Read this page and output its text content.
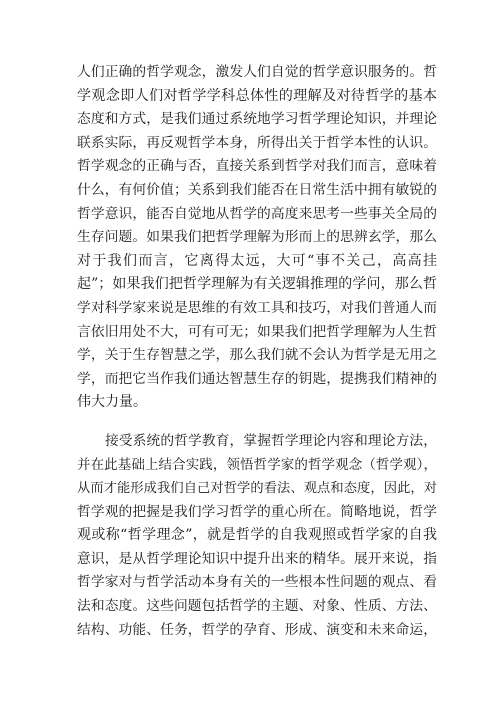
人们正确的哲学观念，激发人们自觉的哲学意识服务的。哲
学观念即人们对哲学学科总体性的理解及对待哲学的基本
态度和方式，是我们通过系统地学习哲学理论知识，并理论
联系实际，再反观哲学本身，所得出关于哲学本性的认识。
哲学观念的正确与否，直接关系到哲学对我们而言，意味着
什么，有何价值；关系到我们能否在日常生活中拥有敏锐的
哲学意识，能否自觉地从哲学的高度来思考一些事关全局的
生存问题。如果我们把哲学理解为形而上的思辨玄学，那么
对于我们而言，它离得太远，大可“事不关己，高高挂
起”；如果我们把哲学理解为有关逻辑推理的学问，那么哲
学对科学家来说是思维的有效工具和技巧，对我们普通人而
言依旧用处不大，可有可无；如果我们把哲学理解为人生哲
学，关于生存智慧之学，那么我们就不会认为哲学是无用之
学，而把它当作我们通达智慧生存的钥匙，提携我们精神的
伟大力量。
接受系统的哲学教育，掌握哲学理论内容和理论方法，
并在此基础上结合实践，领悟哲学家的哲学观念（哲学观），
从而才能形成我们自己对哲学的看法、观点和态度，因此，对
哲学观的把握是我们学习哲学的重心所在。简略地说，哲学
观或称“哲学理念”，就是哲学的自我观照或哲学家的自我
意识，是从哲学理论知识中提升出来的精华。展开来说，指
哲学家对与哲学活动本身有关的一些根本性问题的观点、看
法和态度。这些问题包括哲学的主题、对象、性质、方法、
结构、功能、任务，哲学的孕育、形成、演变和未来命运，
